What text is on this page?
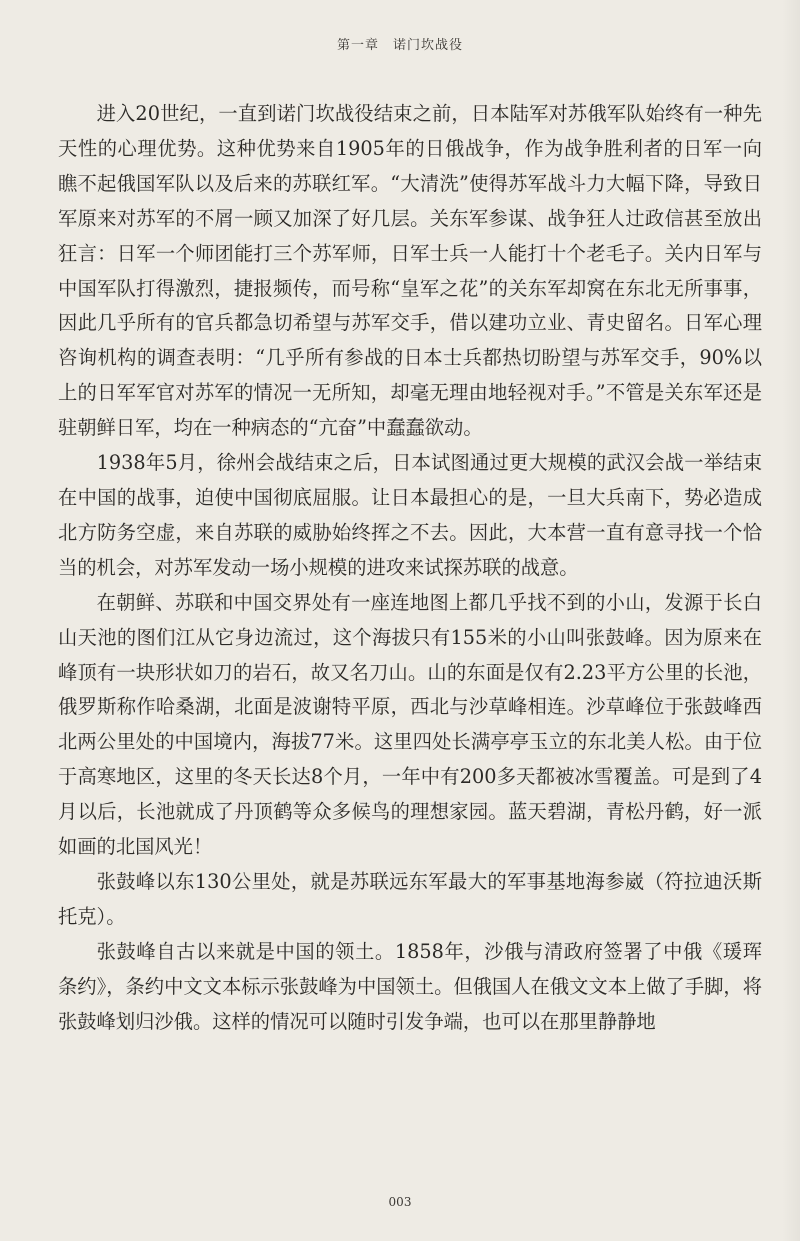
第一章　诺门坎战役

进入20世纪，一直到诺门坎战役结束之前，日本陆军对苏俄军队始终有一种先天性的心理优势。这种优势来自1905年的日俄战争，作为战争胜利者的日军一向瞧不起俄国军队以及后来的苏联红军。“大清洗”使得苏军战斗力大幅下降，导致日军原来对苏军的不屑一顾又加深了好几层。关东军参谋、战争狂人辻政信甚至放出狂言：日军一个师团能打三个苏军师，日军士兵一人能打十个老毛子。关内日军与中国军队打得激烈，捷报频传，而号称“皇军之花”的关东军却窝在东北无所事事，因此几乎所有的官兵都急切希望与苏军交手，借以建功立业、青史留名。日军心理咨询机构的调查表明：“几乎所有参战的日本士兵都热切盼望与苏军交手，90%以上的日军军官对苏军的情况一无所知，却毫无理由地轻视对手。”不管是关东军还是驻朝鲜日军，均在一种病态的“亢奋”中蠢蠢欲动。

1938年5月，徐州会战结束之后，日本试图通过更大规模的武汉会战一举结束在中国的战事，迫使中国彻底屈服。让日本最担心的是，一旦大兵南下，势必造成北方防务空虚，来自苏联的威胁始终挥之不去。因此，大本营一直有意寻找一个恰当的机会，对苏军发动一场小规模的进攻来试探苏联的战意。

在朝鲜、苏联和中国交界处有一座连地图上都几乎找不到的小山，发源于长白山天池的图们江从它身边流过，这个海拔只有155米的小山叫张鼓峰。因为原来在峰顶有一块形状如刀的岩石，故又名刀山。山的东面是仅有2.23平方公里的长池，俄罗斯称作哈桑湖，北面是波谢特平原，西北与沙草峰相连。沙草峰位于张鼓峰西北两公里处的中国境内，海拔77米。这里四处长满亭亭玉立的东北美人松。由于位于高寒地区，这里的冬天长达8个月，一年中有200多天都被冰雪覆盖。可是到了4月以后，长池就成了丹顶鹤等众多候鸟的理想家园。蓝天碧湖，青松丹鹤，好一派如画的北国风光！

张鼓峰以东130公里处，就是苏联远东军最大的军事基地海参崴（符拉迪沃斯托克）。

张鼓峰自古以来就是中国的领土。1858年，沙俄与清政府签署了中俄《瑗珲条约》，条约中文文本标示张鼓峰为中国领土。但俄国人在俄文文本上做了手脚，将张鼓峰划归沙俄。这样的情况可以随时引发争端，也可以在那里静静地

003
